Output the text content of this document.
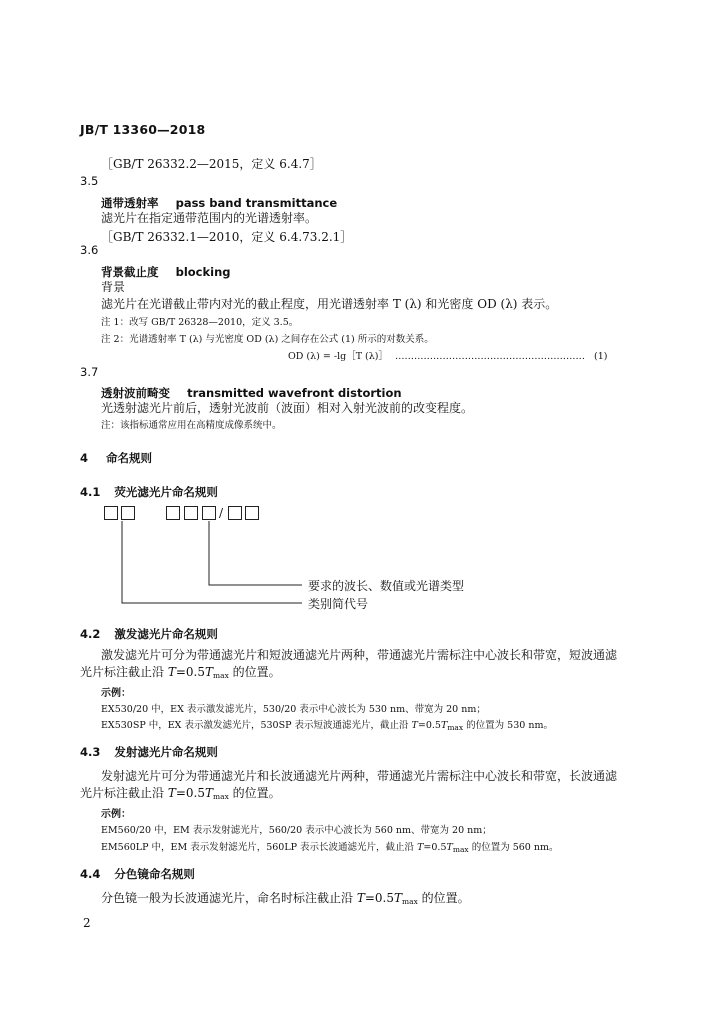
JB/T 13360—2018
［GB/T 26332.2—2015，定义 6.4.7］
3.5
通带透射率 pass band transmittance
滤光片在指定通带范围内的光谱透射率。
［GB/T 26332.1—2010，定义 6.4.73.2.1］
3.6
背景截止度 blocking
背景
滤光片在光谱截止带内对光的截止程度，用光谱透射率 T (λ) 和光密度 OD (λ) 表示。
注 1：改写 GB/T 26328—2010，定义 3.5。
注 2：光谱透射率 T (λ) 与光密度 OD (λ) 之间存在公式 (1) 所示的对数关系。
OD (λ) = -lg［T (λ)］ …………………………………………………… (1)
3.7
透射波前畸变 transmitted wavefront distortion
光透射滤光片前后，透射光波前（波面）相对入射光波前的改变程度。
注：该指标通常应用在高精度成像系统中。
4 命名规则
4.1 荧光滤光片命名规则
/
要求的波长、数值或光谱类型
类别简代号
4.2 激发滤光片命名规则
激发滤光片可分为带通滤光片和短波通滤光片两种，带通滤光片需标注中心波长和带宽，短波通滤
光片标注截止沿 $T=0.5T_{max}$ 的位置。
示例：
EX530/20 中，EX 表示激发滤光片，530/20 表示中心波长为 530 nm、带宽为 20 nm；
EX530SP 中，EX 表示激发滤光片，530SP 表示短波通滤光片，截止沿 $T=0.5T_{max}$ 的位置为 530 nm。
4.3 发射滤光片命名规则
发射滤光片可分为带通滤光片和长波通滤光片两种，带通滤光片需标注中心波长和带宽，长波通滤
光片标注截止沿 $T=0.5T_{max}$ 的位置。
示例：
EM560/20 中，EM 表示发射滤光片，560/20 表示中心波长为 560 nm、带宽为 20 nm；
EM560LP 中，EM 表示发射滤光片，560LP 表示长波通滤光片，截止沿 $T=0.5T_{max}$ 的位置为 560 nm。
4.4 分色镜命名规则
分色镜一般为长波通滤光片，命名时标注截止沿 $T=0.5T_{max}$ 的位置。
2
